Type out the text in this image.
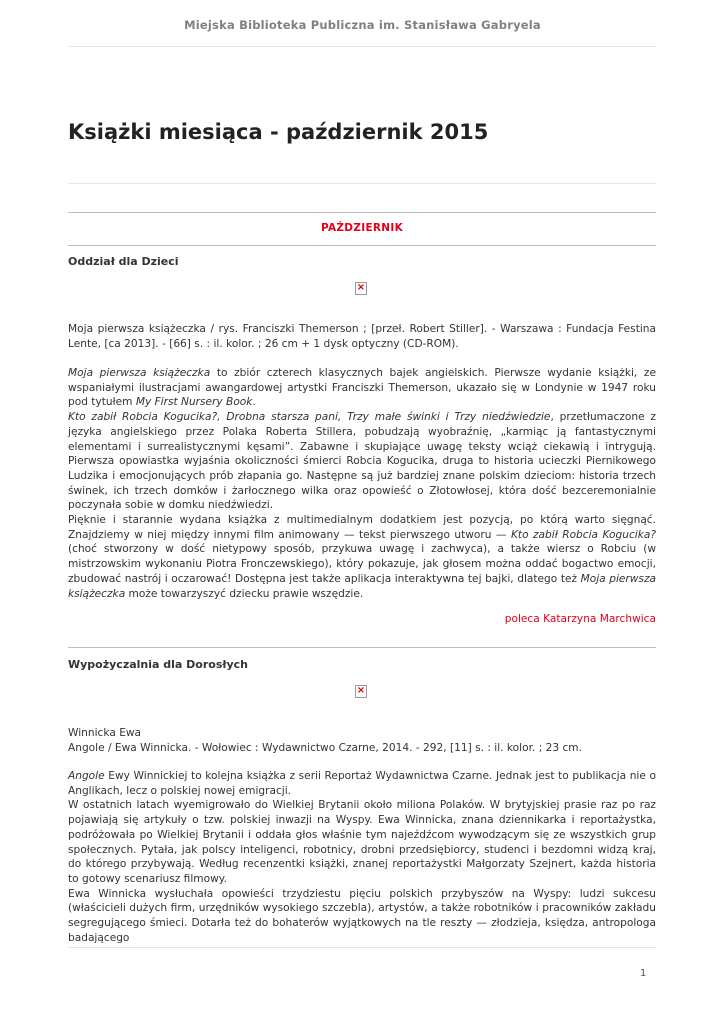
Miejska Biblioteka Publiczna im. Stanisława Gabryela
Książki miesiąca - październik 2015
PAŹDZIERNIK
Oddział dla Dzieci
×
Moja pierwsza książeczka / rys. Franciszki Themerson ; [przeł. Robert Stiller]. - Warszawa : Fundacja Festina Lente, [ca 2013]. - [66] s. : il. kolor. ; 26 cm + 1 dysk optyczny (CD-ROM).

Moja pierwsza książeczka to zbiór czterech klasycznych bajek angielskich. Pierwsze wydanie książki, ze wspaniałymi ilustracjami awangardowej artystki Franciszki Themerson, ukazało się w Londynie w 1947 roku pod tytułem My First Nursery Book.

Kto zabił Robcia Kogucika?, Drobna starsza pani, Trzy małe świnki i Trzy niedźwiedzie, przetłumaczone z języka angielskiego przez Polaka Roberta Stillera, pobudzają wyobraźnię, „karmiąc ją fantastycznymi elementami i surrealistycznymi kęsami”. Zabawne i skupiające uwagę teksty wciąż ciekawią i intrygują. Pierwsza opowiastka wyjaśnia okoliczności śmierci Robcia Kogucika, druga to historia ucieczki Piernikowego Ludzika i emocjonujących prób złapania go. Następne są już bardziej znane polskim dzieciom: historia trzech świnek, ich trzech domków i żarłocznego wilka oraz opowieść o Złotowłosej, która dość bezceremonialnie poczynała sobie w domku niedźwiedzi.

Pięknie i starannie wydana książka z multimedialnym dodatkiem jest pozycją, po którą warto sięgnąć. Znajdziemy w niej między innymi film animowany — tekst pierwszego utworu — Kto zabił Robcia Kogucika? (choć stworzony w dość nietypowy sposób, przykuwa uwagę i zachwyca), a także wiersz o Robciu (w mistrzowskim wykonaniu Piotra Fronczewskiego), który pokazuje, jak głosem można oddać bogactwo emocji, zbudować nastrój i oczarować! Dostępna jest także aplikacja interaktywna tej bajki, dlatego też Moja pierwsza książeczka może towarzyszyć dziecku prawie wszędzie.

poleca Katarzyna Marchwica
Wypożyczalnia dla Dorosłych
×

Winnicka Ewa

Angole / Ewa Winnicka. - Wołowiec : Wydawnictwo Czarne, 2014. - 292, [11] s. : il. kolor. ; 23 cm.

Angole Ewy Winnickiej to kolejna książka z serii Reportaż Wydawnictwa Czarne. Jednak jest to publikacja nie o Anglikach, lecz o polskiej nowej emigracji.

W ostatnich latach wyemigrowało do Wielkiej Brytanii około miliona Polaków. W brytyjskiej prasie raz po raz pojawiają się artykuły o tzw. polskiej inwazji na Wyspy. Ewa Winnicka, znana dziennikarka i reportażystka, podróżowała po Wielkiej Brytanii i oddała głos właśnie tym najeźdźcom wywodzącym się ze wszystkich grup społecznych. Pytała, jak polscy inteligenci, robotnicy, drobni przedsiębiorcy, studenci i bezdomni widzą kraj, do którego przybywają. Według recenzentki książki, znanej reportażystki Małgorzaty Szejnert, każda historia to gotowy scenariusz filmowy.

Ewa Winnicka wysłuchała opowieści trzydziestu pięciu polskich przybyszów na Wyspy: ludzi sukcesu (właścicieli dużych firm, urzędników wysokiego szczebla), artystów, a także robotników i pracowników zakładu segregującego śmieci. Dotarła też do bohaterów wyjątkowych na tle reszty — złodzieja, księdza, antropologa badającego

1
